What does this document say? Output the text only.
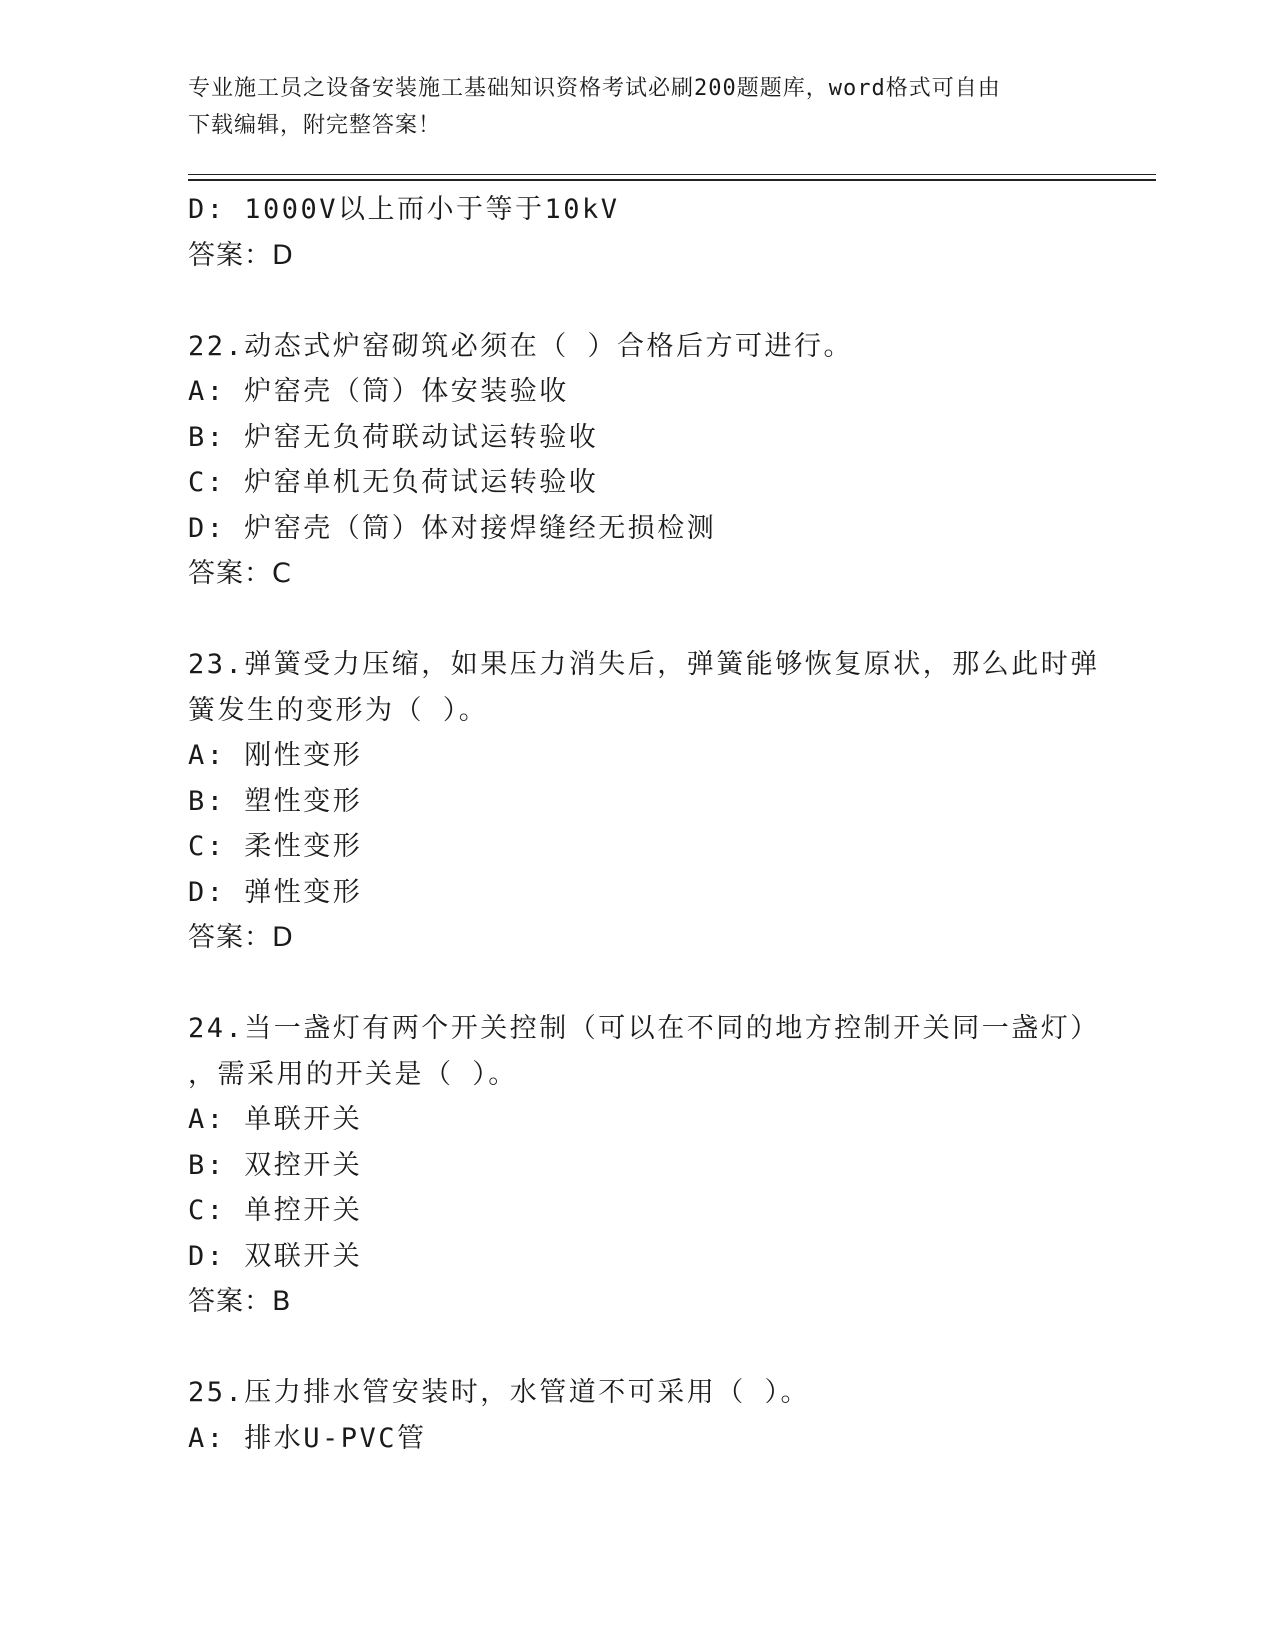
专业施工员之设备安装施工基础知识资格考试必刷200题题库，word格式可自由
下载编辑，附完整答案！
D: 1000V以上而小于等于10kV
答案：D
22.动态式炉窑砌筑必须在（ ）合格后方可进行。
A: 炉窑壳（筒）体安装验收
B: 炉窑无负荷联动试运转验收
C: 炉窑单机无负荷试运转验收
D: 炉窑壳（筒）体对接焊缝经无损检测
答案：C
23.弹簧受力压缩，如果压力消失后，弹簧能够恢复原状，那么此时弹
簧发生的变形为（ ）。
A: 刚性变形
B: 塑性变形
C: 柔性变形
D: 弹性变形
答案：D
24.当一盏灯有两个开关控制（可以在不同的地方控制开关同一盏灯）
，需采用的开关是（ ）。
A: 单联开关
B: 双控开关
C: 单控开关
D: 双联开关
答案：B
25.压力排水管安装时，水管道不可采用（ ）。
A: 排水U-PVC管
